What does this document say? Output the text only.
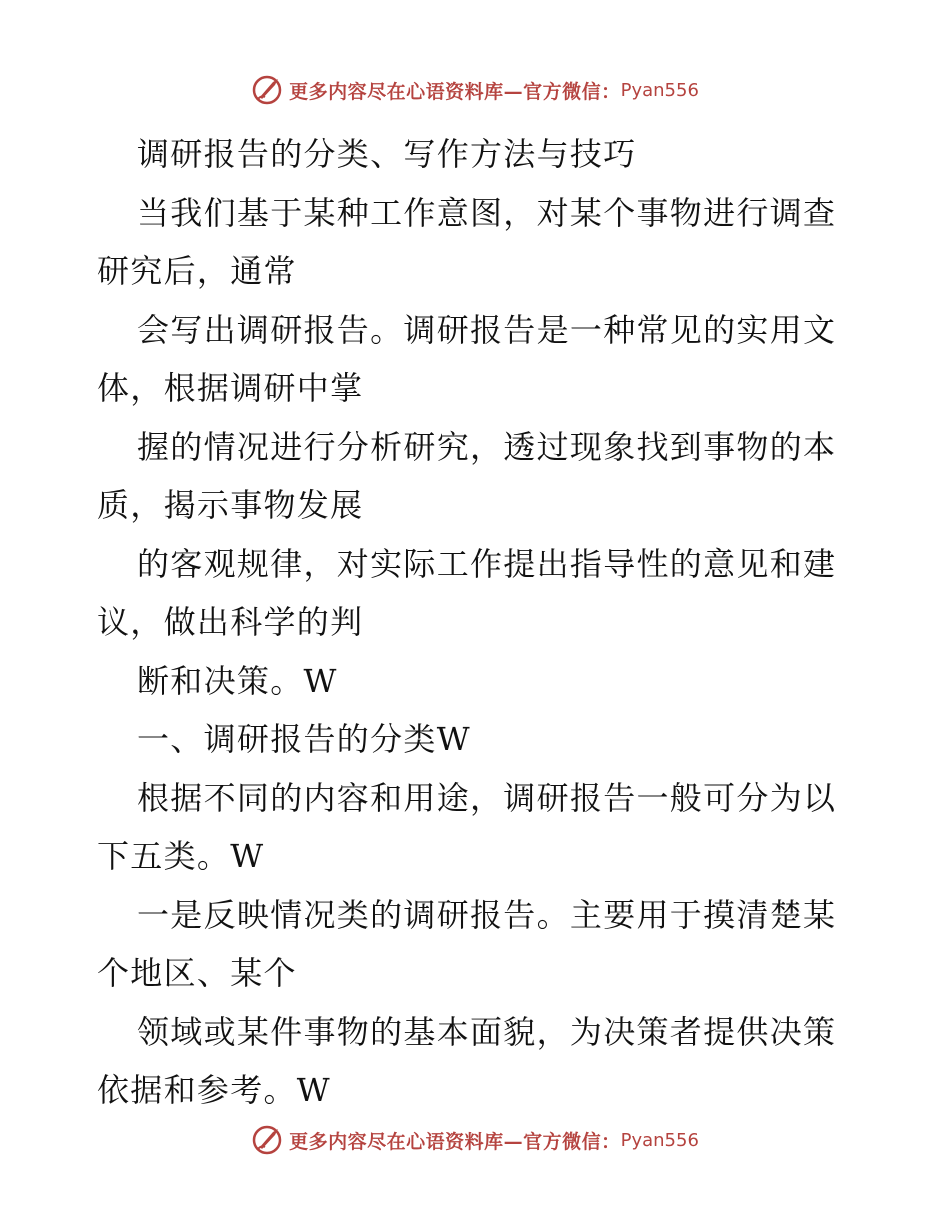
更多内容尽在心语资料库—官方微信： Pyan556
调研报告的分类、写作方法与技巧
当我们基于某种工作意图，对某个事物进行调查
研究后，通常
会写出调研报告。调研报告是一种常见的实用文
体，根据调研中掌
握的情况进行分析研究，透过现象找到事物的本
质，揭示事物发展
的客观规律，对实际工作提出指导性的意见和建
议，做出科学的判
断和决策。W
一、调研报告的分类W
根据不同的内容和用途，调研报告一般可分为以
下五类。W
一是反映情况类的调研报告。主要用于摸清楚某
个地区、某个
领域或某件事物的基本面貌，为决策者提供决策
依据和参考。W
更多内容尽在心语资料库—官方微信： Pyan556
